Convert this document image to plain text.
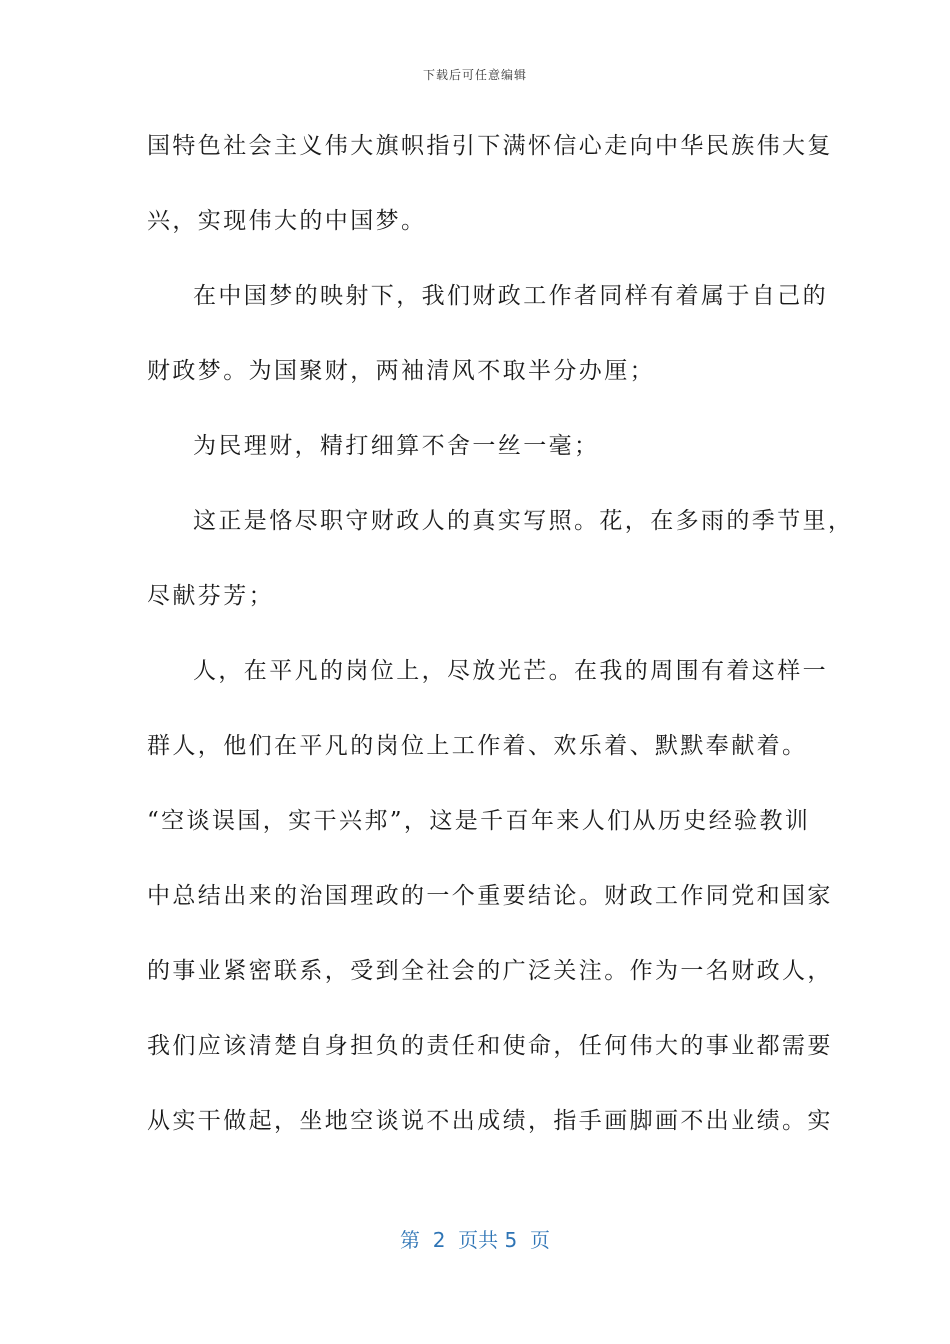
下载后可任意编辑
国特色社会主义伟大旗帜指引下满怀信心走向中华民族伟大复
兴，实现伟大的中国梦。
在中国梦的映射下，我们财政工作者同样有着属于自己的
财政梦。为国聚财，两袖清风不取半分办厘；
为民理财，精打细算不舍一丝一毫；
这正是恪尽职守财政人的真实写照。花，在多雨的季节里，
尽献芬芳；
人，在平凡的岗位上，尽放光芒。在我的周围有着这样一
群人，他们在平凡的岗位上工作着、欢乐着、默默奉献着。
“空谈误国，实干兴邦”，这是千百年来人们从历史经验教训
中总结出来的治国理政的一个重要结论。财政工作同党和国家
的事业紧密联系，受到全社会的广泛关注。作为一名财政人，
我们应该清楚自身担负的责任和使命，任何伟大的事业都需要
从实干做起，坐地空谈说不出成绩，指手画脚画不出业绩。实
第  2  页共 5  页
